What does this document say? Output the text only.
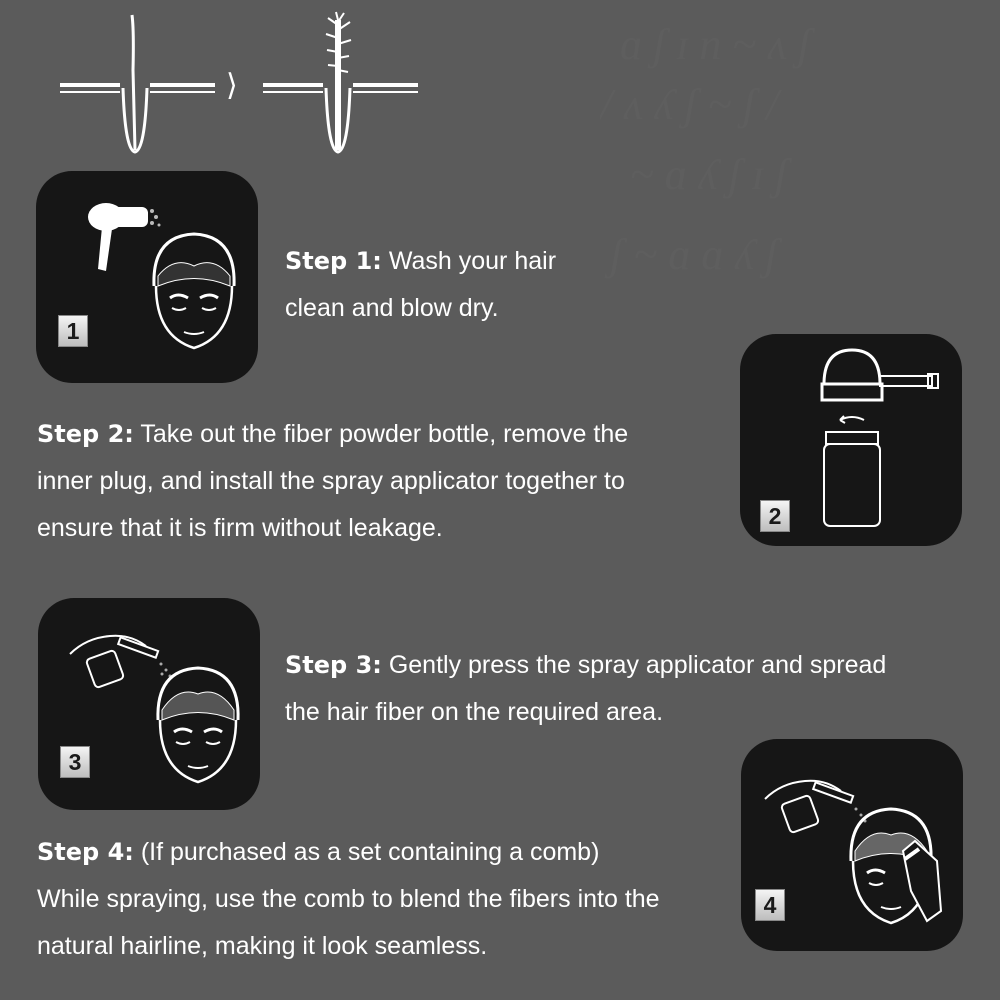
ɑ ʃ ɪ n ~ ʌ ʃ
/ ʌ ʎ ʃ ~ ʃ /
~ ɑ ʎ ʃ ɪ ʃ
ʃ ~ ɑ ɑ ʎ ʃ
⟩
1
Step 1: Wash your hair
clean and blow dry.
2
Step 2: Take out the fiber powder bottle, remove the
inner plug, and install the spray applicator together to
ensure that it is firm without leakage.
3
Step 3: Gently press the spray applicator and spread
the hair fiber on the required area.
4
Step 4: (If purchased as a set containing a comb)
While spraying, use the comb to blend the fibers into the
natural hairline, making it look seamless.
